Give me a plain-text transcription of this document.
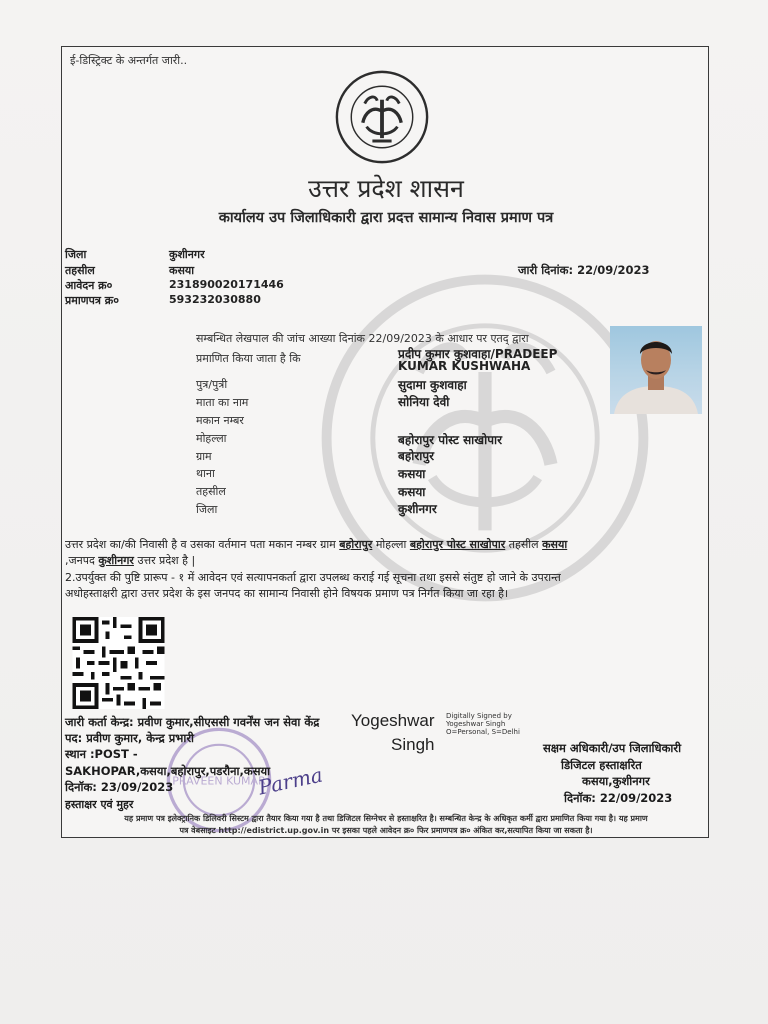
ई-डिस्ट्रिक्ट के अन्तर्गत जारी..
उत्तर प्रदेश शासन
कार्यालय उप जिलाधिकारी द्वारा प्रदत्त सामान्य निवास प्रमाण पत्र
जिला	कुशीनगर
तहसील	कसया
आवेदन क्र०	231890020171446
प्रमाणपत्र क्र०	593232030880
जारी दिनांक: 22/09/2023
सम्बन्धित लेखपाल की जांच आख्या दिनांक 22/09/2023 के आधार पर एतद् द्वारा
प्रमाणित किया जाता है कि	प्रदीप कुमार कुशवाहा/PRADEEP
KUMAR KUSHWAHA
पुत्र/पुत्री	सुदामा कुशवाहा
माता का नाम	सोनिया देवी
मकान नम्बर
मोहल्ला	बहोरापुर पोस्ट साखोपार
ग्राम	बहोरापुर
थाना	कसया
तहसील	कसया
जिला	कुशीनगर
उत्तर प्रदेश का/की निवासी है व उसका वर्तमान पता मकान नम्बर ग्राम बहोरापुर मोहल्ला बहोरापुर पोस्ट साखोपार तहसील कसया
,जनपद कुशीनगर उत्तर प्रदेश है |
2.उपर्युक्त की पुष्टि प्रारूप - १ में आवेदन एवं सत्यापनकर्ता द्वारा उपलब्ध कराई गई सूचना तथा इससे संतुष्ट हो जाने के उपरान्त
अधोहस्ताक्षरी द्वारा उत्तर प्रदेश के इस जनपद का सामान्य निवासी होने विषयक प्रमाण पत्र निर्गत किया जा रहा है।
PRAVEEN KUMAR
जारी कर्ता केन्द्र: प्रवीण कुमार,सीएससी गवर्नेंस जन सेवा केंद्र
पद: प्रवीण कुमार, केन्द्र प्रभारी
स्थान :POST -
SAKHOPAR,कसया,बहोरापुर,पडरौना,कसया
दिनॉक: 23/09/2023
हस्ताक्षर एवं मुहर
Parma
Yogeshwar
Singh
Digitally Signed by
Yogeshwar Singh
O=Personal, S=Delhi
सक्षम अधिकारी/उप जिलाधिकारी
डिजिटल हस्ताक्षरित
कसया,कुशीनगर
दिनॉक: 22/09/2023
यह प्रमाण पत्र इलेक्ट्रानिक डिलिवरी सिस्टम द्वारा तैयार किया गया है तथा डिजिटल सिग्नेचर से हस्ताक्षरित है। सम्बन्धित केन्द्र के अधिकृत कर्मी द्वारा प्रमाणित किया गया है। यह प्रमाण
पत्र वेबसाइट http://edistrict.up.gov.in पर इसका पहले आवेदन क्र० फिर प्रमाणपत्र क्र० अंकित कर,सत्यापित किया जा सकता है।
